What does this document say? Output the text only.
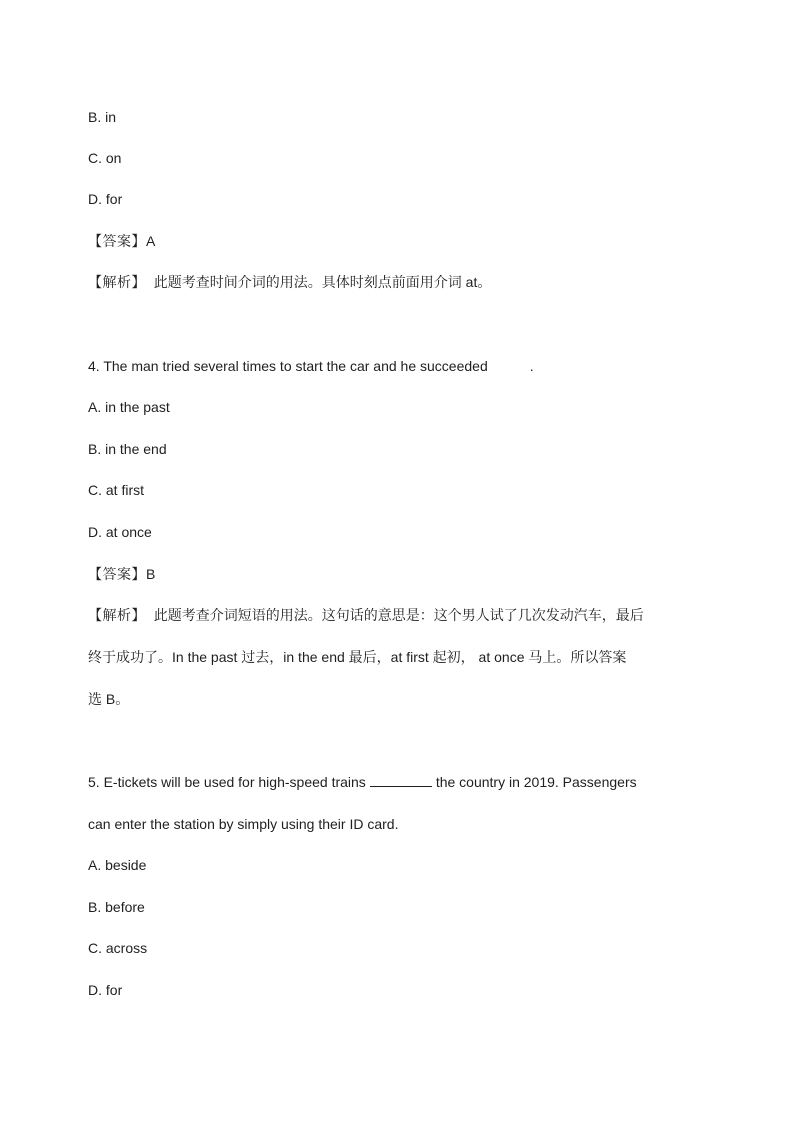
B. in
C. on
D. for
【答案】A
【解析】 此题考查时间介词的用法。具体时刻点前面用介词 at。
4. The man tried several times to start the car and he succeeded	.
A. in the past
B. in the end
C. at first
D. at once
【答案】B
【解析】 此题考查介词短语的用法。这句话的意思是：这个男人试了几次发动汽车，最后
终于成功了。In the past 过去，in the end 最后，at first 起初， at once 马上。所以答案
选 B。
5. E-tickets will be used for high-speed trains	the country in 2019. Passengers
can enter the station by simply using their ID card.
A. beside
B. before
C. across
D. for
